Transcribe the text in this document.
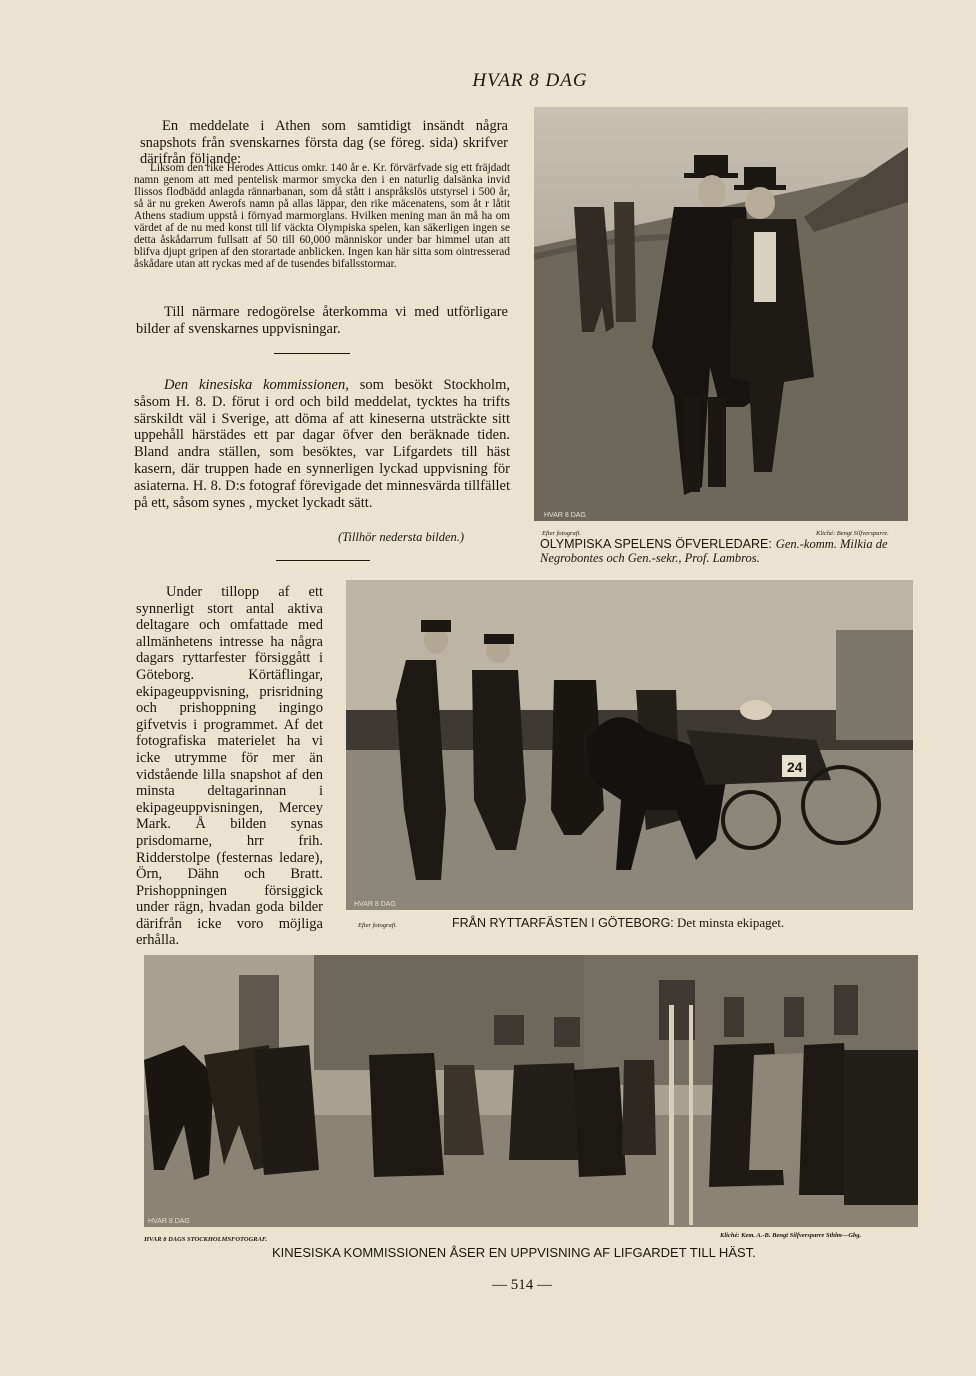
HVAR 8 DAG
En meddelate i Athen som samtidigt insändt några snapshots från svenskarnes första dag (se föreg. sida) skrifver därifrån följande:
Liksom den rike Herodes Atticus omkr. 140 år e. Kr. förvärfvade sig ett fräjdadt namn genom att med pentelisk marmor smycka den i en naturlig dalsänka invid Ilissos flodbädd anlagda rännarbanan, som då stått i anspråkslös utstyrsel i 500 år, så är nu greken Awerofs namn på allas läppar, den rike mäcenatens, som åt r låtit Athens stadium uppstå i förnyad marmorglans. Hvilken mening man än må ha om värdet af de nu med konst till lif väckta Olympiska spelen, kan säkerligen ingen se detta åskådarrum fullsatt af 50 till 60,000 människor under bar himmel utan att blifva djupt gripen af den storartade anblicken. Ingen kan här sitta som ointresserad åskådare utan att ryckas med af de tusendes bifallsstormar.
Till närmare redogörelse återkomma vi med utförligare bilder af svenskarnes uppvisningar.
Den kinesiska kommissionen, som besökt Stockholm, såsom H. 8. D. förut i ord och bild meddelat, tycktes ha trifts särskildt väl i Sverige, att döma af att kineserna utsträckte sitt uppehåll härstädes ett par dagar öfver den beräknade tiden. Bland andra ställen, som besöktes, var Lifgardets till häst kasern, där truppen hade en synnerligen lyckad uppvisning för asiaterna. H. 8. D:s fotograf förevigade det minnesvärda tillfället på ett, såsom synes , mycket lyckadt sätt.
(Tillhör nedersta bilden.)
Under tillopp af ett synnerligt stort antal aktiva deltagare och omfattade med allmänhetens intresse ha några dagars ryttarfester försiggått i Göteborg. Körtäflingar, ekipageuppvisning, prisridning och prishoppning ingingo gifvetvis i programmet. Af det fotografiska materielet ha vi icke utrymme för mer än vidstående lilla snapshot af den minsta deltagarinnan i ekipageuppvisningen, Mercey Mark. Å bilden synas prisdomarne, hrr frih. Ridderstolpe (festernas ledare), Örn, Dähn och Bratt. Prishoppningen försiggick under rägn, hvadan goda bilder därifrån icke voro möjliga erhålla.
HVAR 8 DAG
Efter fotografi.	Kliché: Bengt Silfversparre.
OLYMPISKA SPELENS ÖFVERLEDARE: Gen.-komm. Milkia de Negrobontes och Gen.-sekr., Prof. Lambros.
24
HVAR 8 DAG
Efter fotografi.	FRÅN RYTTARFÄSTEN I GÖTEBORG: Det minsta ekipaget.
HVAR 8 DAG
HVAR 8 DAGS STOCKHOLMSFOTOGRAF.
Kliché: Kem. A.-B. Bengt Silfversparre Sthlm—Gbg.
KINESISKA KOMMISSIONEN ÅSER EN UPPVISNING AF LIFGARDET TILL HÄST.
— 514 —
